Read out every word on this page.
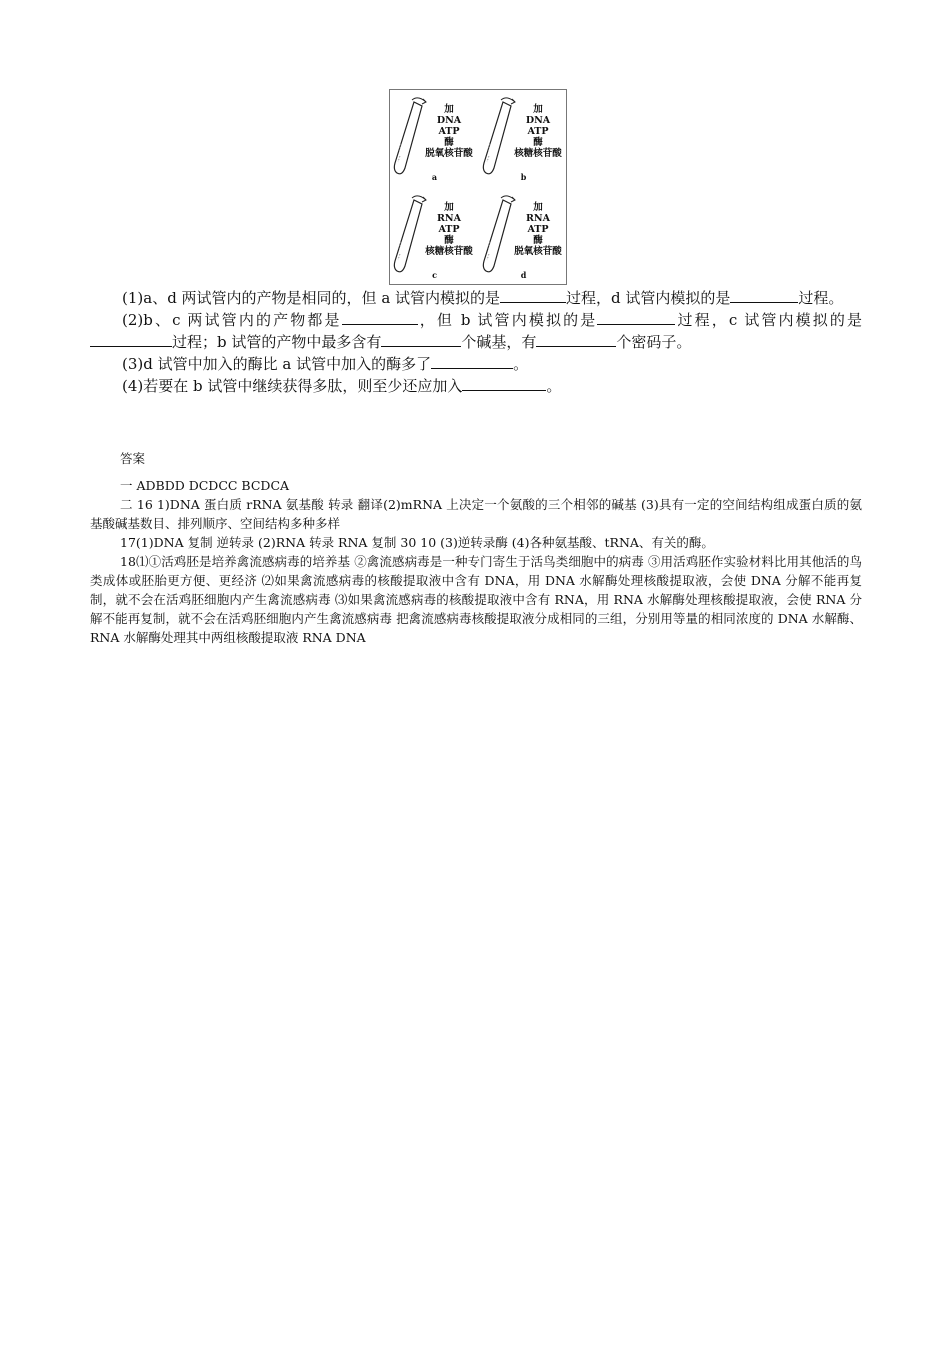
加
DNA
ATP
酶
脱氧核苷酸
a
加
DNA
ATP
酶
核糖核苷酸
b
加
RNA
ATP
酶
核糖核苷酸
c
加
RNA
ATP
酶
脱氧核苷酸
d

(1)a、d 两试管内的产物是相同的，但 a 试管内模拟的是	过程，d 试管内模拟的是	过程。

(2)b、c 两试管内的产物都是	，但 b 试管内模拟的是	过程，c 试管内模拟的是过程；b 试管的产物中最多含有	个碱基，有	个密码子。

(3)d 试管中加入的酶比 a 试管中加入的酶多了	。

(4)若要在 b 试管中继续获得多肽，则至少还应加入	。

答案

一 ADBDD DCDCC BCDCA

二 16 1)DNA 蛋白质 rRNA 氨基酸 转录 翻译(2)mRNA 上决定一个氨酸的三个相邻的碱基 (3)具有一定的空间结构组成蛋白质的氨基酸碱基数目、排列顺序、空间结构多种多样

17(1)DNA 复制 逆转录 (2)RNA 转录 RNA 复制 30 10 (3)逆转录酶 (4)各种氨基酸、tRNA、有关的酶。

18⑴①活鸡胚是培养禽流感病毒的培养基 ②禽流感病毒是一种专门寄生于活鸟类细胞中的病毒 ③用活鸡胚作实验材料比用其他活的鸟类成体或胚胎更方便、更经济 ⑵如果禽流感病毒的核酸提取液中含有 DNA，用 DNA 水解酶处理核酸提取液，会使 DNA 分解不能再复制，就不会在活鸡胚细胞内产生禽流感病毒 ⑶如果禽流感病毒的核酸提取液中含有 RNA，用 RNA 水解酶处理核酸提取液，会使 RNA 分解不能再复制，就不会在活鸡胚细胞内产生禽流感病毒 把禽流感病毒核酸提取液分成相同的三组，分别用等量的相同浓度的 DNA 水解酶、RNA 水解酶处理其中两组核酸提取液 RNA DNA
